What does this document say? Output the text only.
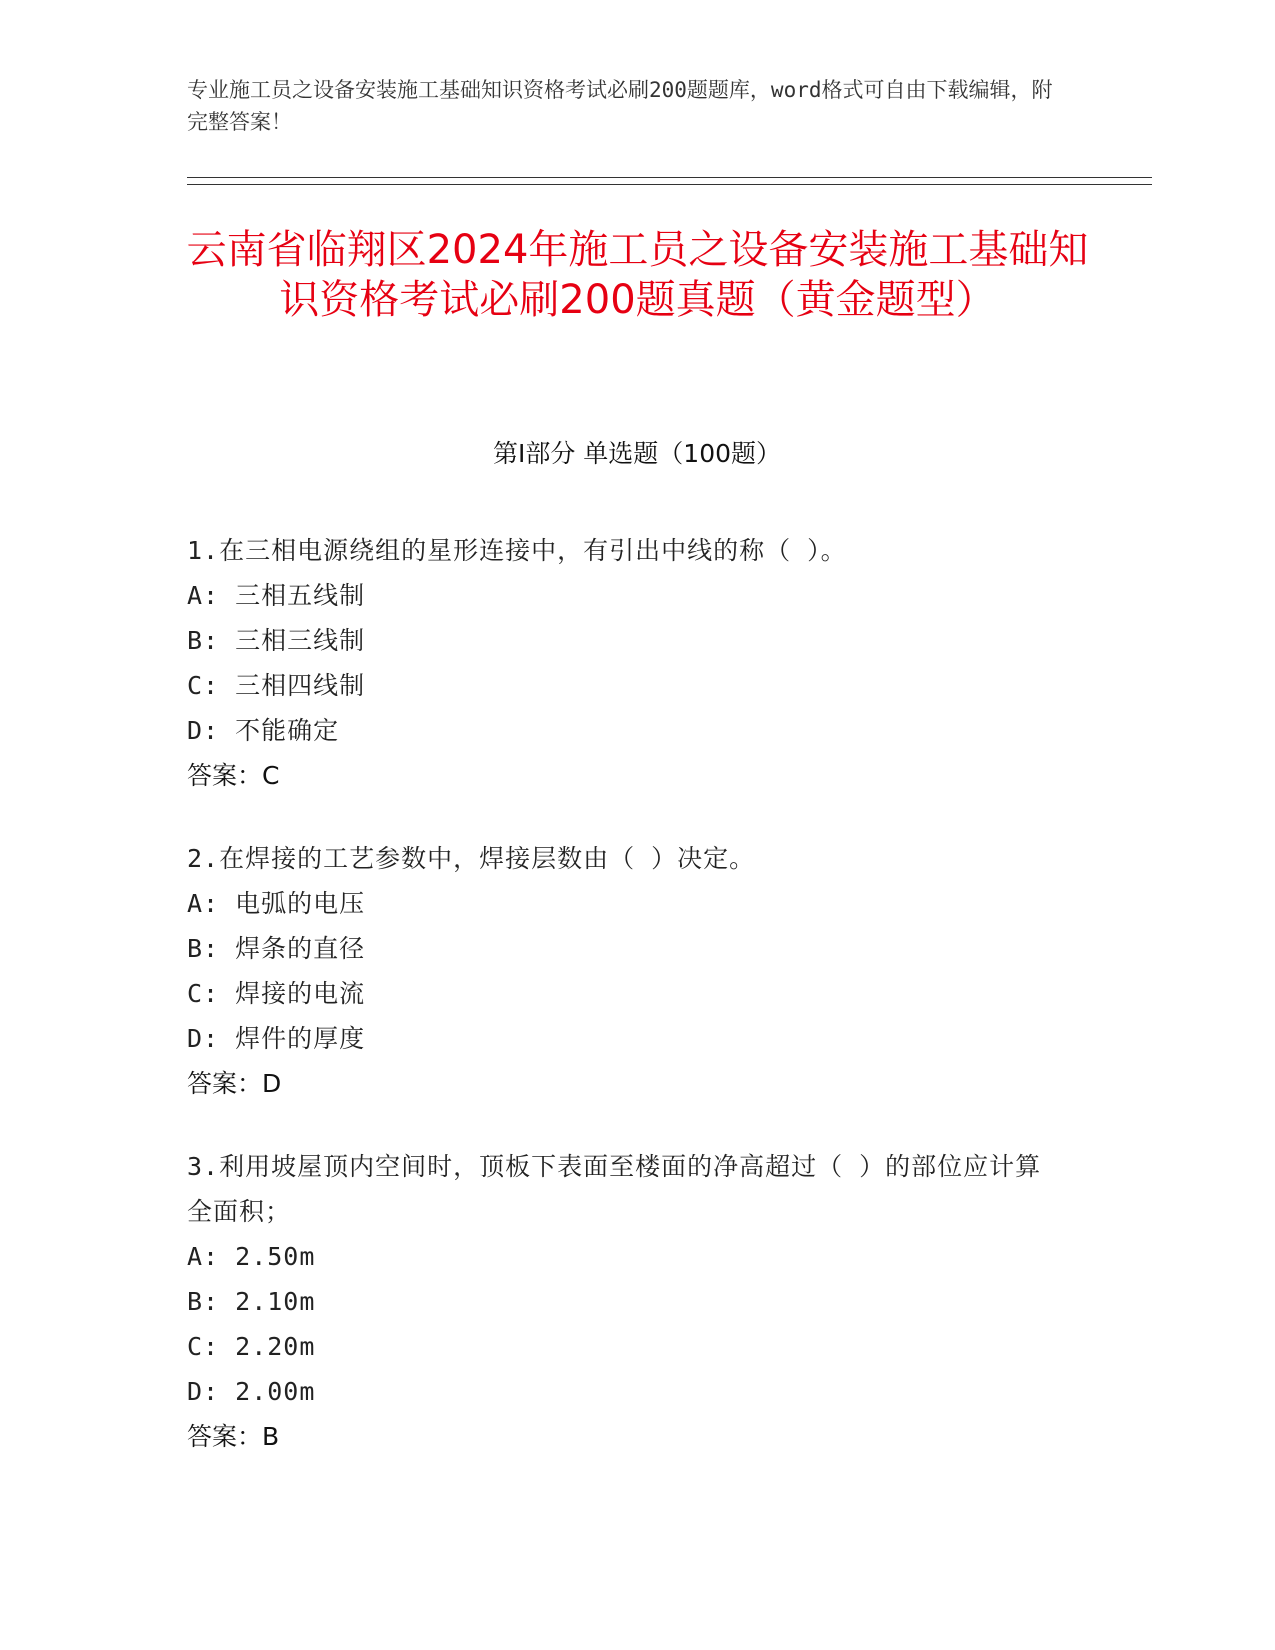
专业施工员之设备安装施工基础知识资格考试必刷200题题库，word格式可自由下载编辑，附完整答案！
云南省临翔区2024年施工员之设备安装施工基础知识资格考试必刷200题真题（黄金题型）
第Ⅰ部分 单选题（100题）
1.在三相电源绕组的星形连接中，有引出中线的称（ ）。
A: 三相五线制
B: 三相三线制
C: 三相四线制
D: 不能确定
答案：C
2.在焊接的工艺参数中，焊接层数由（ ）决定。
A: 电弧的电压
B: 焊条的直径
C: 焊接的电流
D: 焊件的厚度
答案：D
3.利用坡屋顶内空间时，顶板下表面至楼面的净高超过（ ）的部位应计算全面积；
A: 2.50m
B: 2.10m
C: 2.20m
D: 2.00m
答案：B
